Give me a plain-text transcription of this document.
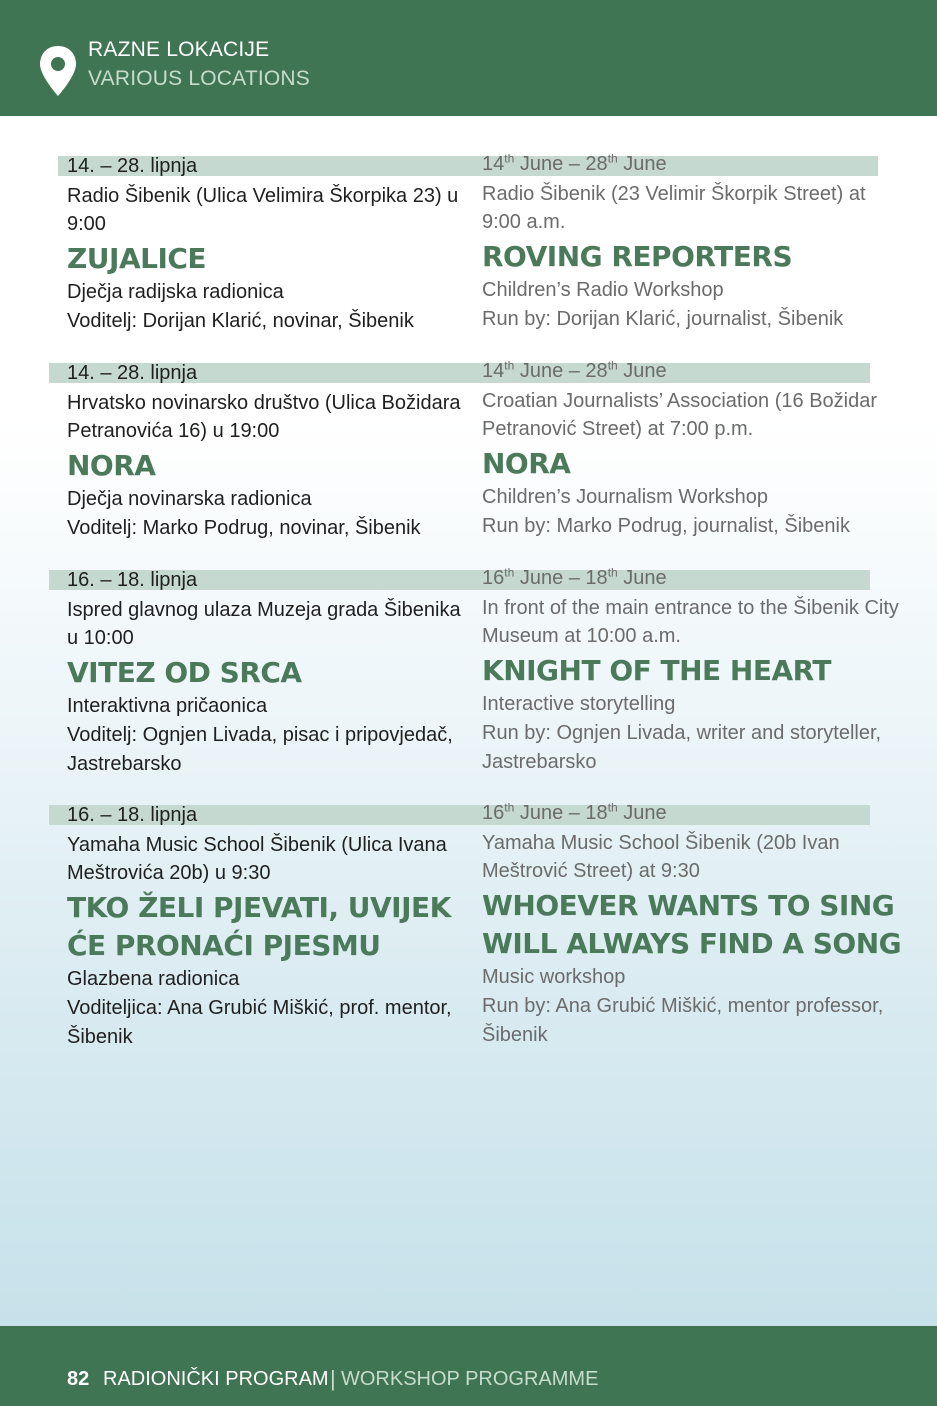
RAZNE LOKACIJE
VARIOUS LOCATIONS
14. – 28. lipnja
Radio Šibenik (Ulica Velimira Škorpika 23) u 9:00
ZUJALICE
Dječja radijska radionica
Voditelj: Dorijan Klarić, novinar, Šibenik
14th June – 28th June
Radio Šibenik (23 Velimir Škorpik Street) at 9:00 a.m.
ROVING REPORTERS
Children’s Radio Workshop
Run by: Dorijan Klarić, journalist, Šibenik
14. – 28. lipnja
Hrvatsko novinarsko društvo (Ulica Božidara Petranovića 16) u 19:00
NORA
Dječja novinarska radionica
Voditelj: Marko Podrug, novinar, Šibenik
14th June – 28th June
Croatian Journalists’ Association (16 Božidar Petranović Street) at 7:00 p.m.
NORA
Children’s Journalism Workshop
Run by: Marko Podrug, journalist, Šibenik
16. – 18. lipnja
Ispred glavnog ulaza Muzeja grada Šibenika u 10:00
VITEZ OD SRCA
Interaktivna pričaonica
Voditelj: Ognjen Livada, pisac i pripovjedač, Jastrebarsko
16th June – 18th June
In front of the main entrance to the Šibenik City Museum at 10:00 a.m.
KNIGHT OF THE HEART
Interactive storytelling
Run by: Ognjen Livada, writer and storyteller, Jastrebarsko
16. – 18. lipnja
Yamaha Music School Šibenik (Ulica Ivana Meštrovića 20b) u 9:30
TKO ŽELI PJEVATI, UVIJEK ĆE PRONAĆI PJESMU
Glazbena radionica
Voditeljica: Ana Grubić Miškić, prof. mentor, Šibenik
16th June – 18th June
Yamaha Music School Šibenik (20b Ivan Meštrović Street) at 9:30
WHOEVER WANTS TO SING WILL ALWAYS FIND A SONG
Music workshop
Run by: Ana Grubić Miškić, mentor professor, Šibenik
82 RADIONIČKI PROGRAM | WORKSHOP PROGRAMME
